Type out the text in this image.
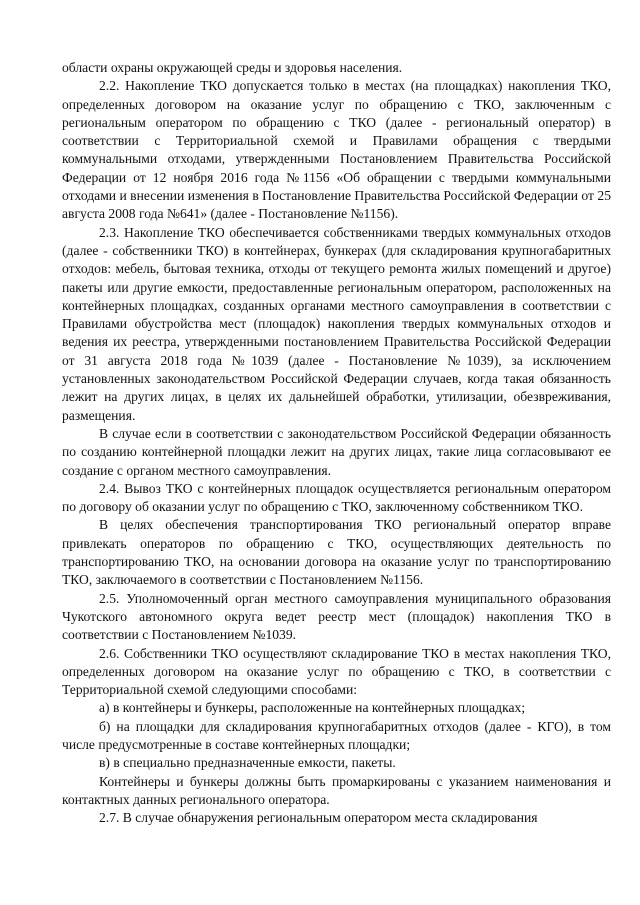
области охраны окружающей среды и здоровья населения.

2.2. Накопление ТКО допускается только в местах (на площадках) накопления ТКО, определенных договором на оказание услуг по обращению с ТКО, заключенным с региональным оператором по обращению с ТКО (далее - региональный оператор) в соответствии с Территориальной схемой и Правилами обращения с твердыми коммунальными отходами, утвержденными Постановлением Правительства Российской Федерации от 12 ноября 2016 года №1156 «Об обращении с твердыми коммунальными отходами и внесении изменения в Постановление Правительства Российской Федерации от 25 августа 2008 года №641» (далее - Постановление №1156).

2.3. Накопление ТКО обеспечивается собственниками твердых коммунальных отходов (далее - собственники ТКО) в контейнерах, бункерах (для складирования крупногабаритных отходов: мебель, бытовая техника, отходы от текущего ремонта жилых помещений и другое) пакеты или другие емкости, предоставленные региональным оператором, расположенных на контейнерных площадках, созданных органами местного самоуправления в соответствии с Правилами обустройства мест (площадок) накопления твердых коммунальных отходов и ведения их реестра, утвержденными постановлением Правительства Российской Федерации от 31 августа 2018 года №1039 (далее - Постановление №1039), за исключением установленных законодательством Российской Федерации случаев, когда такая обязанность лежит на других лицах, в целях их дальнейшей обработки, утилизации, обезвреживания, размещения.

В случае если в соответствии с законодательством Российской Федерации обязанность по созданию контейнерной площадки лежит на других лицах, такие лица согласовывают ее создание с органом местного самоуправления.

2.4. Вывоз ТКО с контейнерных площадок осуществляется региональным оператором по договору об оказании услуг по обращению с ТКО, заключенному собственником ТКО.

В целях обеспечения транспортирования ТКО региональный оператор вправе привлекать операторов по обращению с ТКО, осуществляющих деятельность по транспортированию ТКО, на основании договора на оказание услуг по транспортированию ТКО, заключаемого в соответствии с Постановлением №1156.

2.5. Уполномоченный орган местного самоуправления муниципального образования Чукотского автономного округа ведет реестр мест (площадок) накопления ТКО в соответствии с Постановлением №1039.

2.6. Собственники ТКО осуществляют складирование ТКО в местах накопления ТКО, определенных договором на оказание услуг по обращению с ТКО, в соответствии с Территориальной схемой следующими способами:

а) в контейнеры и бункеры, расположенные на контейнерных площадках;

б) на площадки для складирования крупногабаритных отходов (далее - КГО), в том числе предусмотренные в составе контейнерных площадки;

в) в специально предназначенные емкости, пакеты.

Контейнеры и бункеры должны быть промаркированы с указанием наименования и контактных данных регионального оператора.

2.7. В случае обнаружения региональным оператором места складирования
